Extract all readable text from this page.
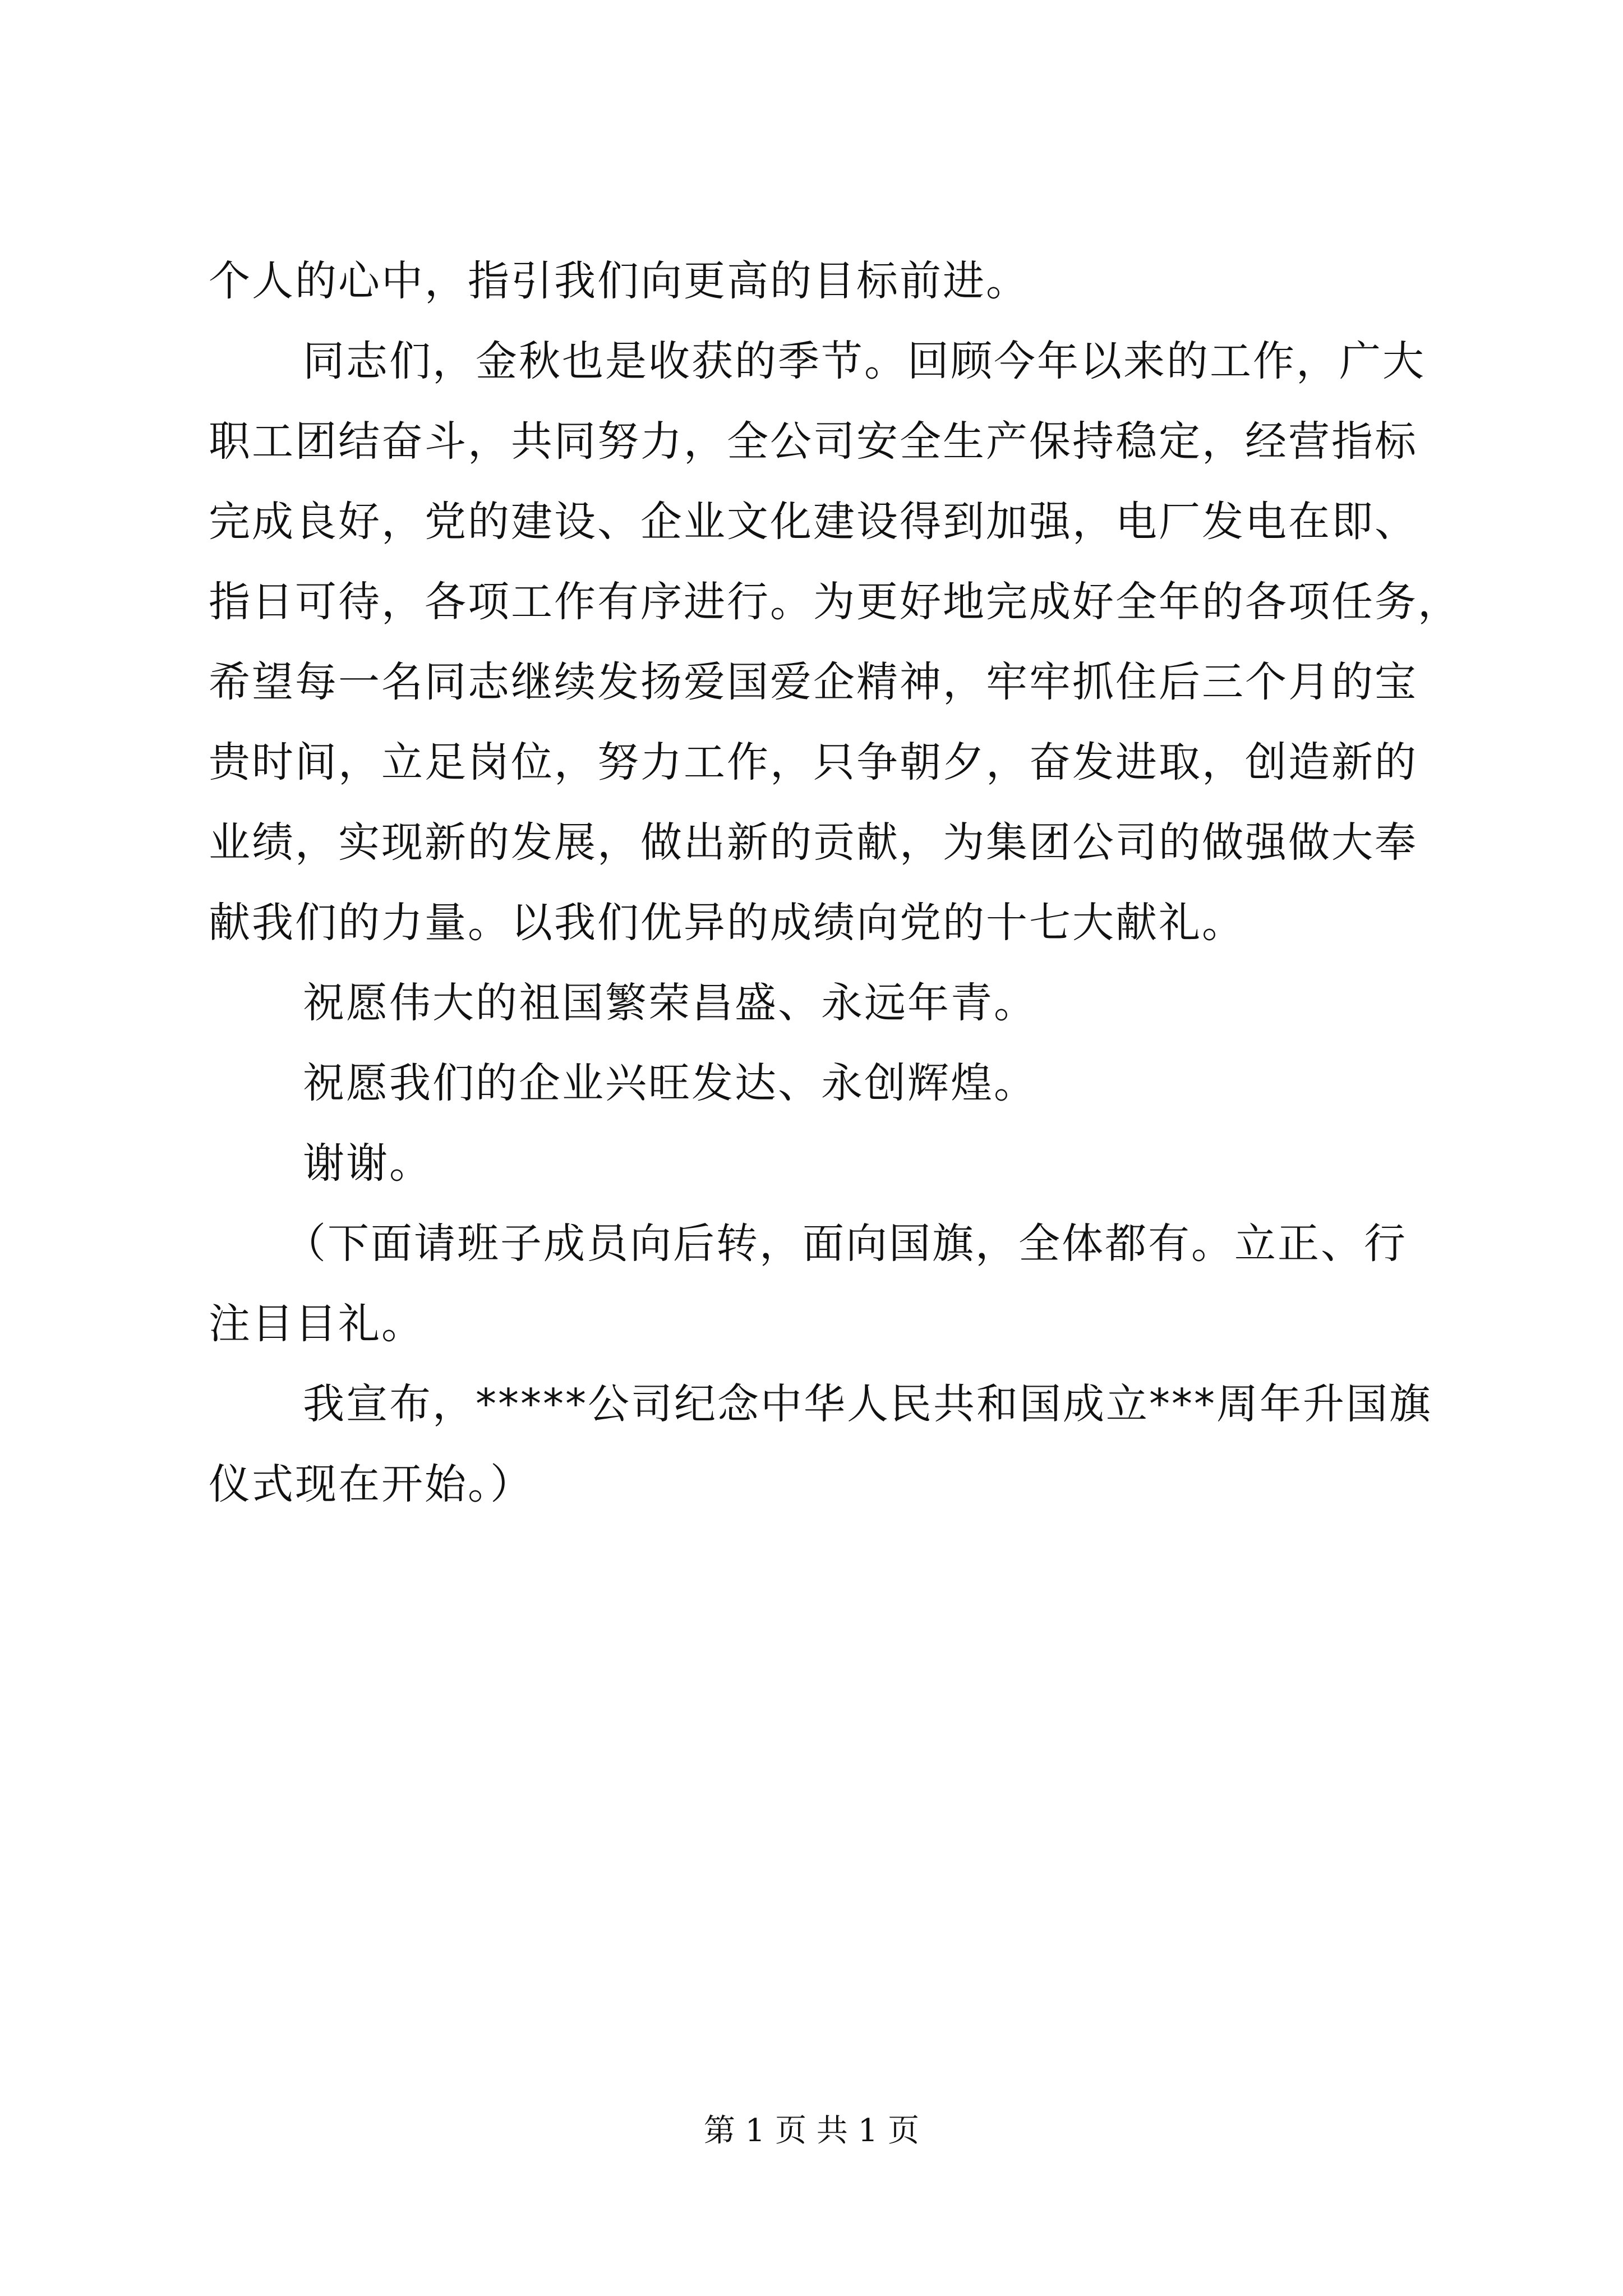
个人的心中，指引我们向更高的目标前进。
同志们，金秋也是收获的季节。回顾今年以来的工作，广大
职工团结奋斗，共同努力，全公司安全生产保持稳定，经营指标
完成良好，党的建设、企业文化建设得到加强，电厂发电在即、
指日可待，各项工作有序进行。为更好地完成好全年的各项任务，
希望每一名同志继续发扬爱国爱企精神，牢牢抓住后三个月的宝
贵时间，立足岗位，努力工作，只争朝夕，奋发进取，创造新的
业绩，实现新的发展，做出新的贡献，为集团公司的做强做大奉
献我们的力量。以我们优异的成绩向党的十七大献礼。
祝愿伟大的祖国繁荣昌盛、永远年青。
祝愿我们的企业兴旺发达、永创辉煌。
谢谢。
（下面请班子成员向后转，面向国旗，全体都有。立正、行
注目目礼。
我宣布，*****公司纪念中华人民共和国成立***周年升国旗
仪式现在开始。）
第 1 页 共 1 页
